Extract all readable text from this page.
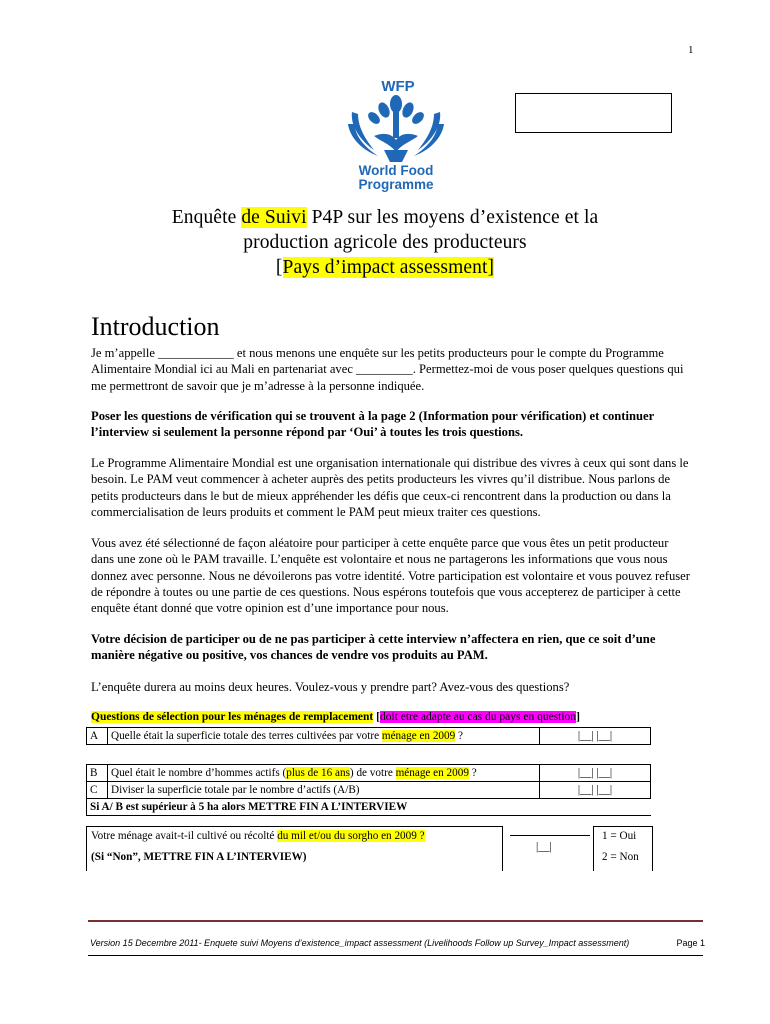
1
WFP
World Food
Programme
Enquête de Suivi P4P sur les moyens d’existence et la
production agricole des producteurs
[Pays d’impact assessment]
Introduction
Je m’appelle ____________ et nous menons une enquête sur les petits producteurs pour le compte du Programme Alimentaire Mondial ici au Mali en partenariat avec _________. Permettez-moi de vous poser quelques questions qui me permettront de savoir que je m’adresse à la personne indiquée.
Poser les questions de vérification qui se trouvent à la page 2 (Information pour vérification) et continuer l’interview si seulement la personne répond par ‘Oui’ à toutes les trois questions.
Le Programme Alimentaire Mondial est une organisation internationale qui distribue des vivres à ceux qui sont dans le besoin. Le PAM veut commencer à acheter auprès des petits producteurs les vivres qu’il distribue. Nous parlons de petits producteurs dans le but de mieux appréhender les défis que ceux-ci rencontrent dans la production ou dans la commercialisation de leurs produits et comment le PAM peut mieux traiter ces questions.
Vous avez été sélectionné de façon aléatoire pour participer à cette enquête parce que vous êtes un petit producteur dans une zone où le PAM travaille. L’enquête est volontaire et nous ne partagerons les informations que vous nous donnez avec personne. Nous ne dévoilerons pas votre identité. Votre participation est volontaire et vous pouvez refuser de répondre à toutes ou une partie de ces questions. Nous espérons toutefois que vous accepterez de participer à cette enquête étant donné que votre opinion est d’une importance pour nous.
Votre décision de participer ou de ne pas participer à cette interview n’affectera en rien, que ce soit d’une manière négative ou positive, vos chances de vendre vos produits au PAM.
L’enquête durera au moins deux heures. Voulez-vous y prendre part? Avez-vous des questions?
Questions de sélection pour les ménages de remplacement [doit etre adapte au cas du pays en question]
A	Quelle était la superficie totale des terres cultivées par votre ménage en 2009 ?	|__| |__|
B	Quel était le nombre d’hommes actifs (plus de 16 ans) de votre ménage en 2009 ?	|__| |__|
C	Diviser la superficie totale par le nombre d’actifs (A/B)	|__| |__|
Si A/ B est supérieur à 5 ha alors METTRE FIN A L’INTERVIEW		
Votre ménage avait-t-il cultivé ou récolté du mil et/ou du sorgho en 2009 ?
(Si “Non”, METTRE FIN A L’INTERVIEW)
|__|
1 = Oui
2 = Non
Version 15 Decembre 2011- Enquete suivi Moyens d’existence_impact assessment (Livelihoods Follow up Survey_Impact assessment)	Page 1
